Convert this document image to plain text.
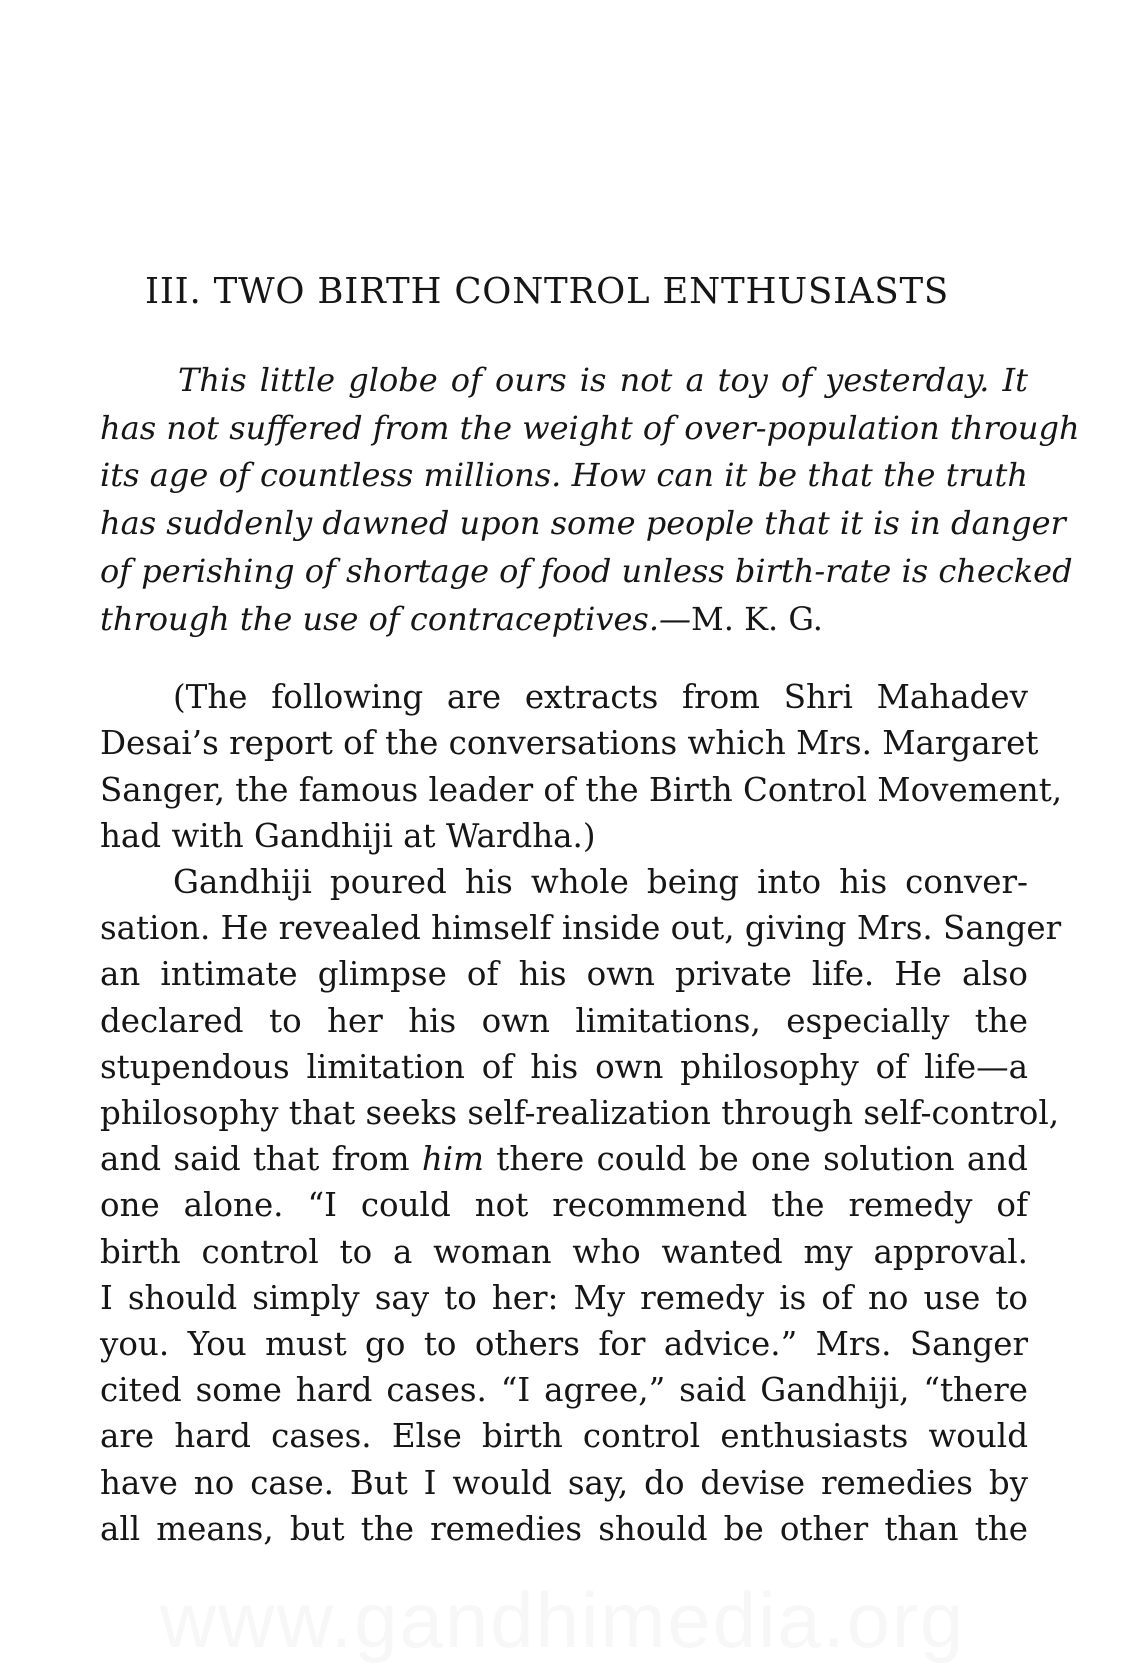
III. TWO BIRTH CONTROL ENTHUSIASTS
This little globe of ours is not a toy of yesterday. It
has not suffered from the weight of over-population through
its age of countless millions. How can it be that the truth
has suddenly dawned upon some people that it is in danger
of perishing of shortage of food unless birth-rate is checked
through the use of contraceptives.—M. K. G.

(The following are extracts from Shri Mahadev
Desai’s report of the conversations which Mrs. Margaret
Sanger, the famous leader of the Birth Control Movement,
had with Gandhiji at Wardha.)

Gandhiji poured his whole being into his conver-
sation. He revealed himself inside out, giving Mrs. Sanger
an intimate glimpse of his own private life. He also
declared to her his own limitations, especially the
stupendous limitation of his own philosophy of life—a
philosophy that seeks self-realization through self-control,
and said that from him there could be one solution and
one alone. “I could not recommend the remedy of
birth control to a woman who wanted my approval.
I should simply say to her: My remedy is of no use to
you. You must go to others for advice.” Mrs. Sanger
cited some hard cases. “I agree,” said Gandhiji, “there
are hard cases. Else birth control enthusiasts would
have no case. But I would say, do devise remedies by
all means, but the remedies should be other than the

www.gandhimedia.org
